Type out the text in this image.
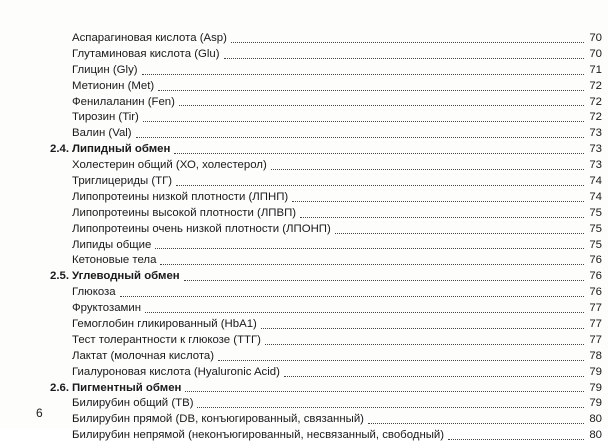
Аспарагиновая кислота (Asp)	70
Глутаминовая кислота (Glu)	70
Глицин (Gly)	71
Метионин (Met)	72
Фенилаланин (Fen)	72
Тирозин (Tir)	72
Валин (Val)	73
2.4. Липидный обмен	73
Холестерин общий (ХО, холестерол)	73
Триглицериды (ТГ)	74
Липопротеины низкой плотности (ЛПНП)	74
Липопротеины высокой плотности (ЛПВП)	75
Липопротеины очень низкой плотности (ЛПОНП)	75
Липиды общие	75
Кетоновые тела	76
2.5. Углеводный обмен	76
Глюкоза	76
Фруктозамин	77
Гемоглобин гликированный (HbA1)	77
Тест толерантности к глюкозе (ТТГ)	77
Лактат (молочная кислота)	78
Гиалуроновая кислота (Hyaluronic Acid)	79
2.6. Пигментный обмен	79
Билирубин общий (ТВ)	79
Билирубин прямой (DB, конъюгированный, связанный)	80
Билирубин непрямой (неконъюгированный, несвязанный, свободный)	80
6
